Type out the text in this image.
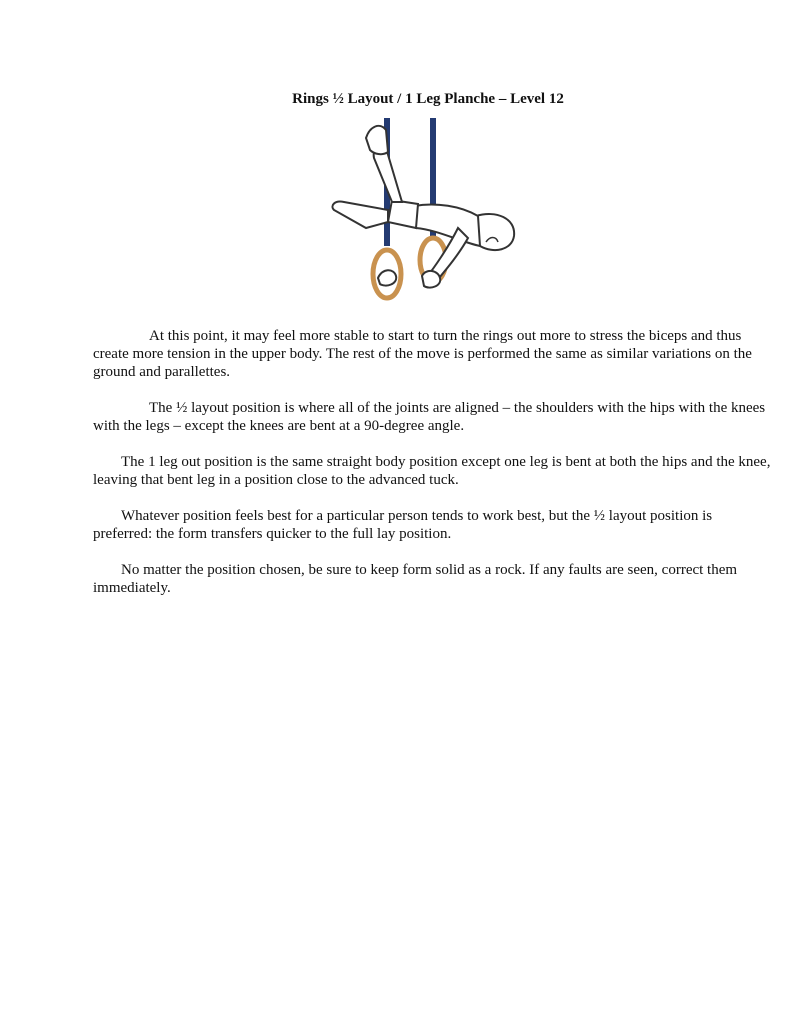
Rings ½ Layout / 1 Leg Planche – Level 12

At this point, it may feel more stable to start to turn the rings out more to stress the biceps and thus create more tension in the upper body. The rest of the move is performed the same as similar variations on the ground and parallettes.

The ½ layout position is where all of the joints are aligned – the shoulders with the hips with the knees with the legs – except the knees are bent at a 90-degree angle.

The 1 leg out position is the same straight body position except one leg is bent at both the hips and the knee, leaving that bent leg in a position close to the advanced tuck.

Whatever position feels best for a particular person tends to work best, but the ½ layout position is preferred: the form transfers quicker to the full lay position.

No matter the position chosen, be sure to keep form solid as a rock. If any faults are seen, correct them immediately.
